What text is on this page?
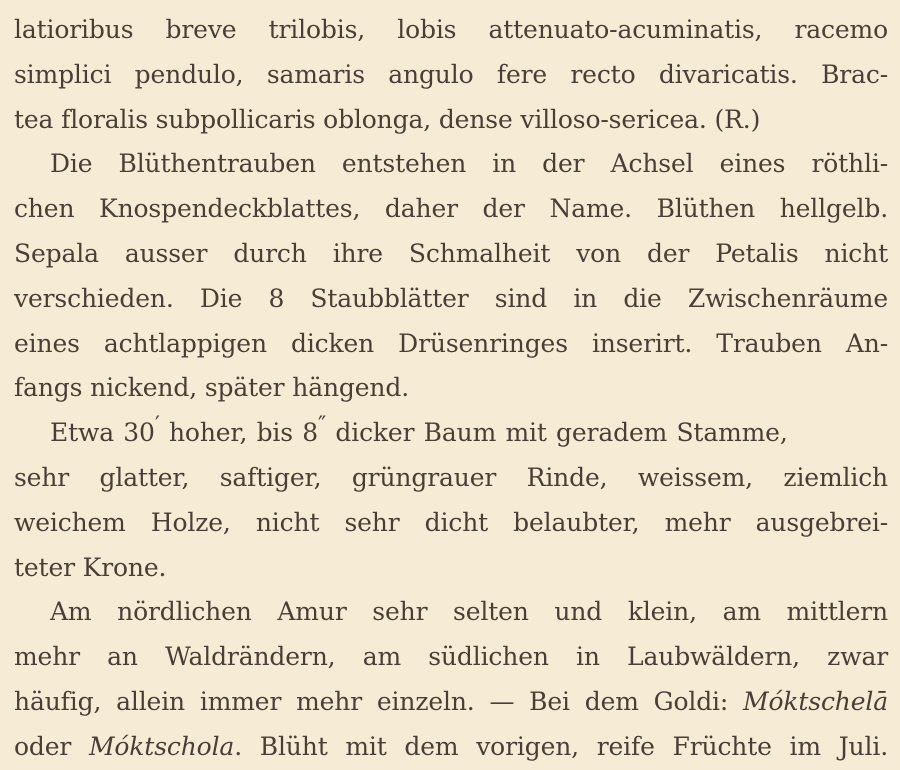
latioribus breve trilobis, lobis attenuato-acuminatis, racemo
simplici pendulo, samaris angulo fere recto divaricatis. Brac-
tea floralis subpollicaris oblonga, dense villoso-sericea. (R.)
Die Blüthentrauben entstehen in der Achsel eines röthli-
chen Knospendeckblattes, daher der Name. Blüthen hellgelb.
Sepala ausser durch ihre Schmalheit von der Petalis nicht
verschieden. Die 8 Staubblätter sind in die Zwischenräume
eines achtlappigen dicken Drüsenringes inserirt. Trauben An-
fangs nickend, später hängend.
Etwa 30′ hoher, bis 8″ dicker Baum mit geradem Stamme,
sehr glatter, saftiger, grüngrauer Rinde, weissem, ziemlich
weichem Holze, nicht sehr dicht belaubter, mehr ausgebrei-
teter Krone.
Am nördlichen Amur sehr selten und klein, am mittlern
mehr an Waldrändern, am südlichen in Laubwäldern, zwar
häufig, allein immer mehr einzeln. — Bei dem Goldi: Móktschelā
oder Móktschola. Blüht mit dem vorigen, reife Früchte im Juli.
